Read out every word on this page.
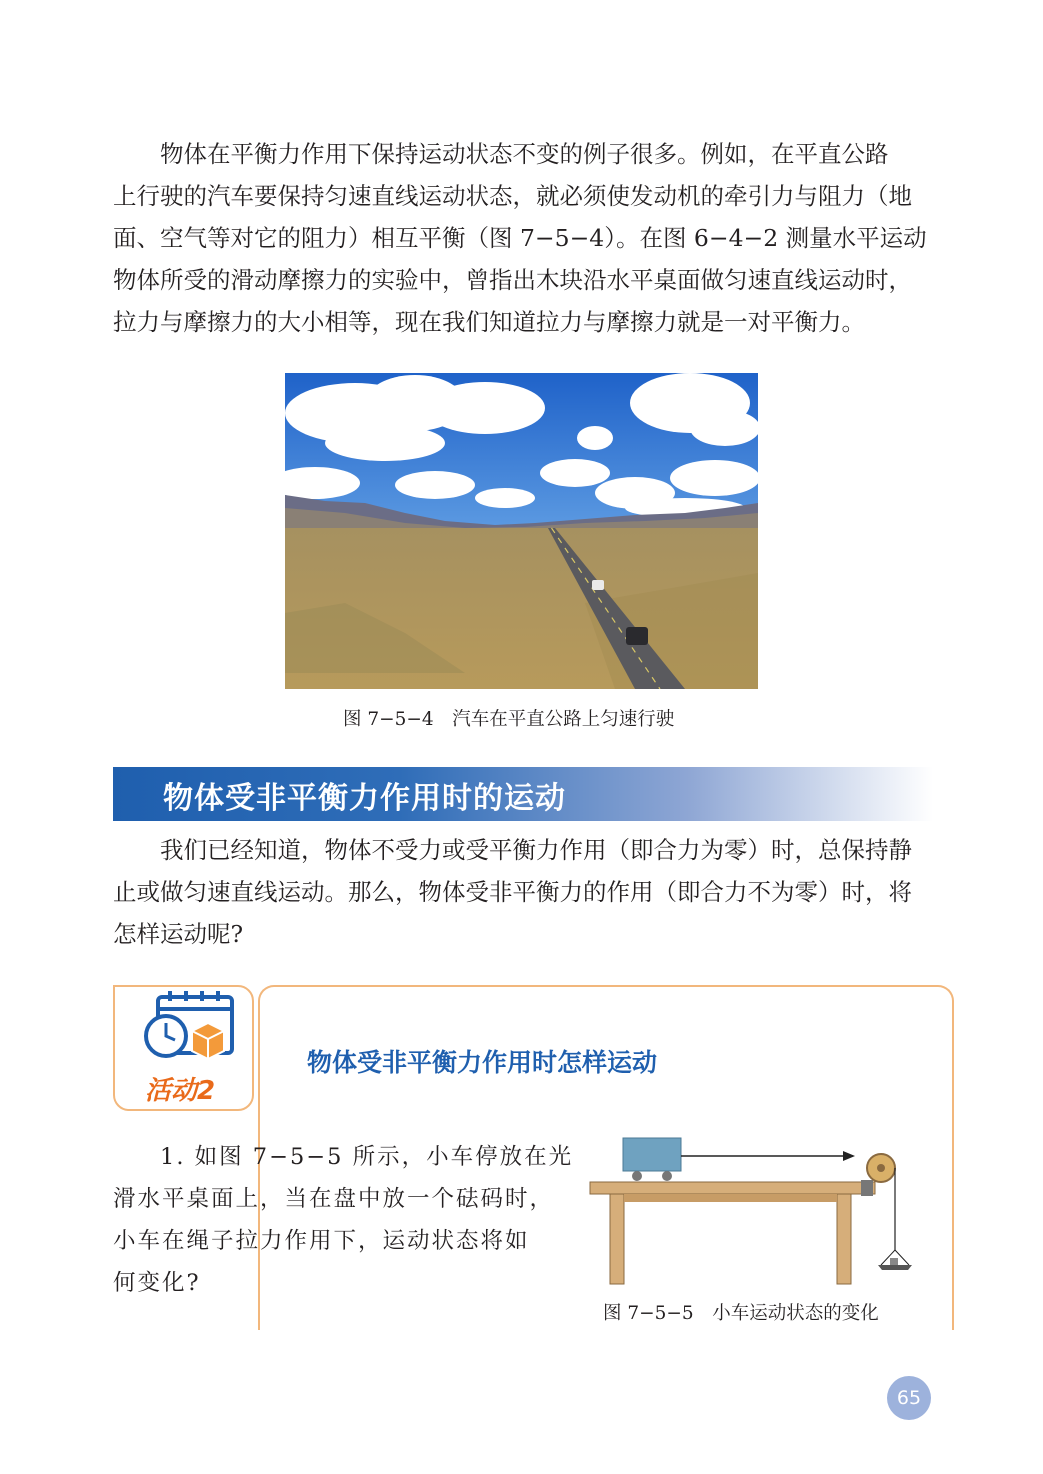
物体在平衡力作用下保持运动状态不变的例子很多。例如，在平直公路
上行驶的汽车要保持匀速直线运动状态，就必须使发动机的牵引力与阻力（地
面、空气等对它的阻力）相互平衡（图 7−5−4）。在图 6−4−2 测量水平运动
物体所受的滑动摩擦力的实验中，曾指出木块沿水平桌面做匀速直线运动时，
拉力与摩擦力的大小相等，现在我们知道拉力与摩擦力就是一对平衡力。

图 7−5−4　汽车在平直公路上匀速行驶
物体受非平衡力作用时的运动

我们已经知道，物体不受力或受平衡力作用（即合力为零）时，总保持静
止或做匀速直线运动。那么，物体受非平衡力的作用（即合力不为零）时，将
怎样运动呢?

活动2
物体受非平衡力作用时怎样运动

1. 如图 7−5−5 所示，小车停放在光
滑水平桌面上，当在盘中放一个砝码时，
小车在绳子拉力作用下，运动状态将如
何变化?

图 7−5−5　小车运动状态的变化
65
